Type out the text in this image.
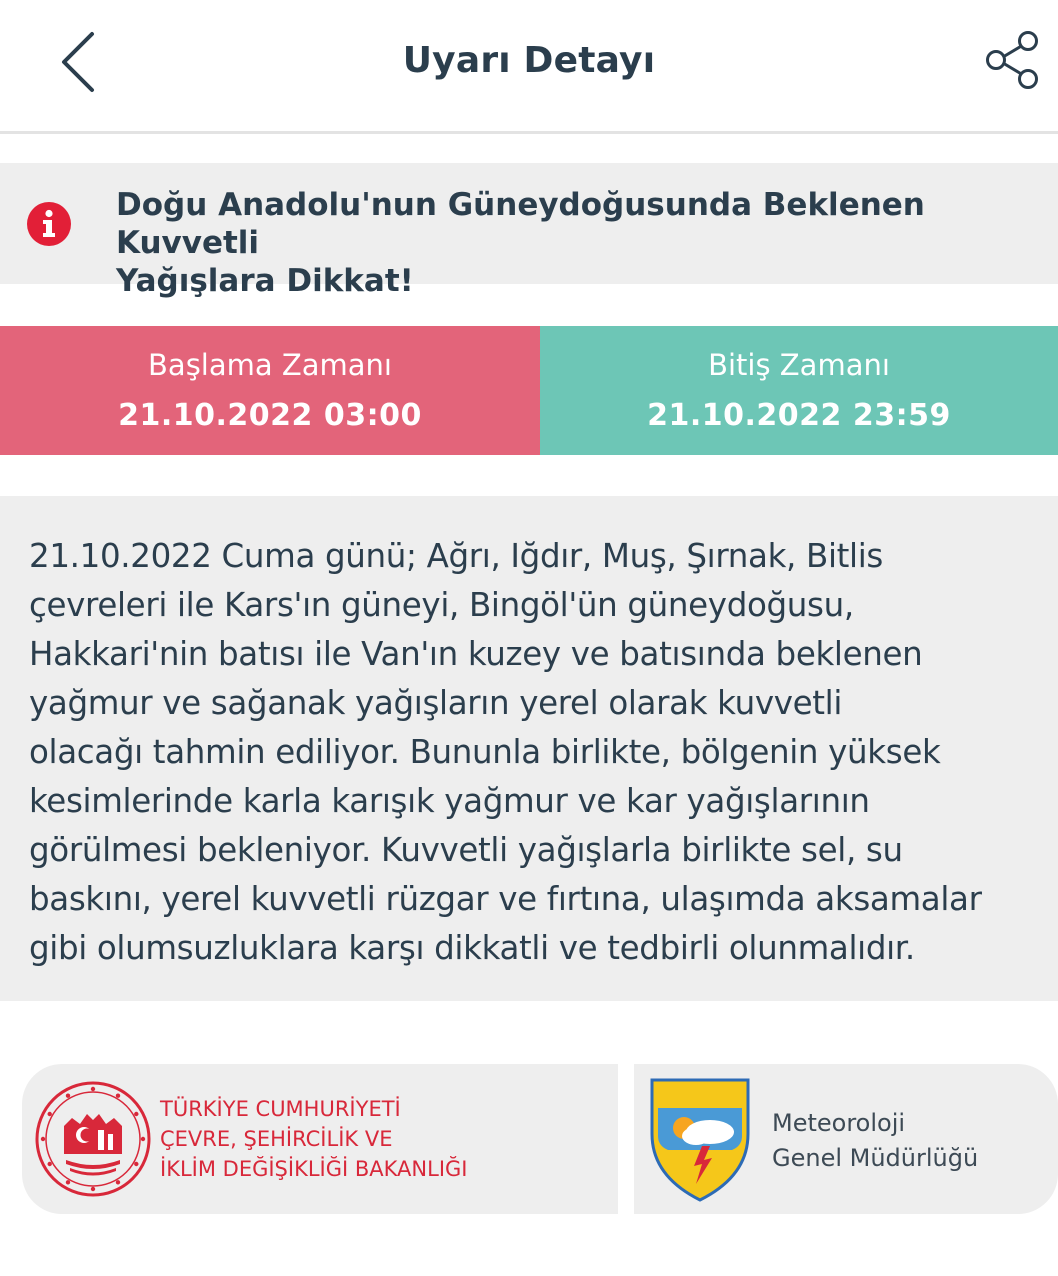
Uyarı Detayı
Doğu Anadolu'nun Güneydoğusunda Beklenen Kuvvetli
Yağışlara Dikkat!
Başlama Zamanı
21.10.2022 03:00
Bitiş Zamanı
21.10.2022 23:59
21.10.2022 Cuma günü; Ağrı, Iğdır, Muş, Şırnak, Bitlis
çevreleri ile Kars'ın güneyi, Bingöl'ün güneydoğusu,
Hakkari'nin batısı ile Van'ın kuzey ve batısında beklenen
yağmur ve sağanak yağışların yerel olarak kuvvetli
olacağı tahmin ediliyor. Bununla birlikte, bölgenin yüksek
kesimlerinde karla karışık yağmur ve kar yağışlarının
görülmesi bekleniyor. Kuvvetli yağışlarla birlikte sel, su
baskını, yerel kuvvetli rüzgar ve fırtına, ulaşımda aksamalar
gibi olumsuzluklara karşı dikkatli ve tedbirli olunmalıdır.
TÜRKİYE CUMHURİYETİ
ÇEVRE, ŞEHİRCİLİK VE
İKLİM DEĞİŞİKLİĞİ BAKANLIĞI
Meteoroloji
Genel Müdürlüğü
